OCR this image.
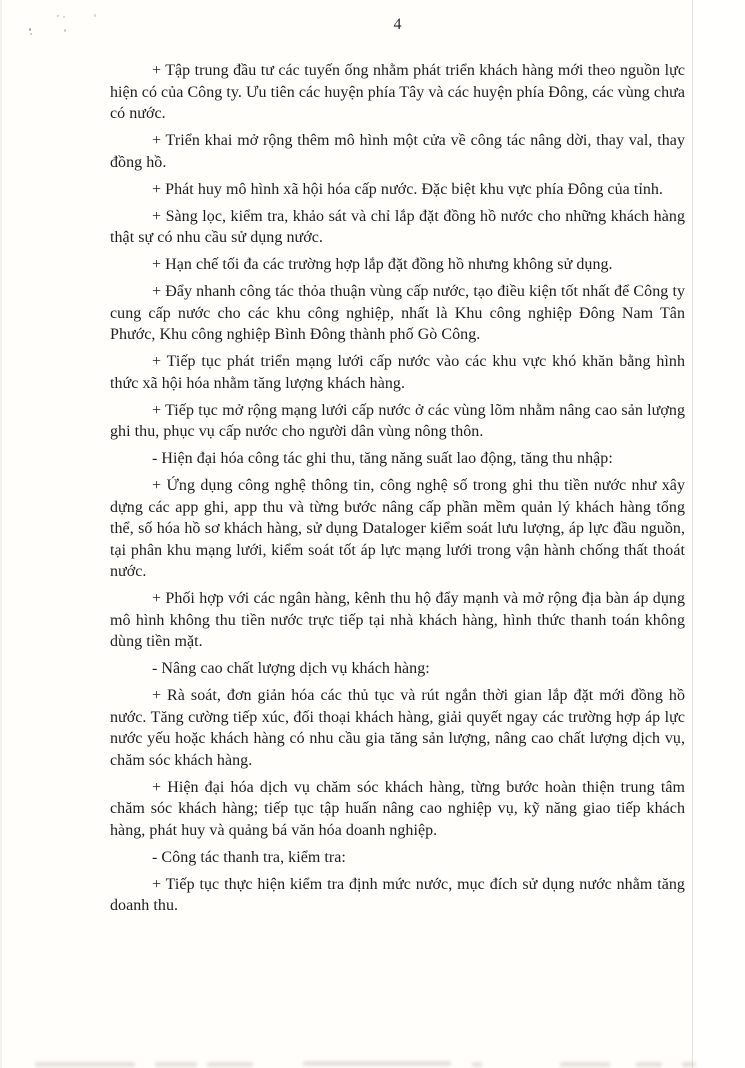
4

+ Tập trung đầu tư các tuyến ống nhằm phát triển khách hàng mới theo nguồn lực hiện có của Công ty. Ưu tiên các huyện phía Tây và các huyện phía Đông, các vùng chưa có nước.

+ Triển khai mở rộng thêm mô hình một cửa về công tác nâng dời, thay val, thay đồng hồ.

+ Phát huy mô hình xã hội hóa cấp nước. Đặc biệt khu vực phía Đông của tỉnh.

+ Sàng lọc, kiểm tra, khảo sát và chỉ lắp đặt đồng hồ nước cho những khách hàng thật sự có nhu cầu sử dụng nước.

+ Hạn chế tối đa các trường hợp lắp đặt đồng hồ nhưng không sử dụng.

+ Đẩy nhanh công tác thỏa thuận vùng cấp nước, tạo điều kiện tốt nhất để Công ty cung cấp nước cho các khu công nghiệp, nhất là Khu công nghiệp Đông Nam Tân Phước, Khu công nghiệp Bình Đông thành phố Gò Công.

+ Tiếp tục phát triển mạng lưới cấp nước vào các khu vực khó khăn bằng hình thức xã hội hóa nhằm tăng lượng khách hàng.

+ Tiếp tục mở rộng mạng lưới cấp nước ở các vùng lõm nhằm nâng cao sản lượng ghi thu, phục vụ cấp nước cho người dân vùng nông thôn.

- Hiện đại hóa công tác ghi thu, tăng năng suất lao động, tăng thu nhập:

+ Ứng dụng công nghệ thông tin, công nghệ số trong ghi thu tiền nước như xây dựng các app ghi, app thu và từng bước nâng cấp phần mềm quản lý khách hàng tổng thể, số hóa hồ sơ khách hàng, sử dụng Dataloger kiểm soát lưu lượng, áp lực đầu nguồn, tại phân khu mạng lưới, kiểm soát tốt áp lực mạng lưới trong vận hành chống thất thoát nước.

+ Phối hợp với các ngân hàng, kênh thu hộ đẩy mạnh và mở rộng địa bàn áp dụng mô hình không thu tiền nước trực tiếp tại nhà khách hàng, hình thức thanh toán không dùng tiền mặt.

- Nâng cao chất lượng dịch vụ khách hàng:

+ Rà soát, đơn giản hóa các thủ tục và rút ngắn thời gian lắp đặt mới đồng hồ nước. Tăng cường tiếp xúc, đối thoại khách hàng, giải quyết ngay các trường hợp áp lực nước yếu hoặc khách hàng có nhu cầu gia tăng sản lượng, nâng cao chất lượng dịch vụ, chăm sóc khách hàng.

+ Hiện đại hóa dịch vụ chăm sóc khách hàng, từng bước hoàn thiện trung tâm chăm sóc khách hàng; tiếp tục tập huấn nâng cao nghiệp vụ, kỹ năng giao tiếp khách hàng, phát huy và quảng bá văn hóa doanh nghiệp.

- Công tác thanh tra, kiểm tra:

+ Tiếp tục thực hiện kiểm tra định mức nước, mục đích sử dụng nước nhằm tăng doanh thu.
